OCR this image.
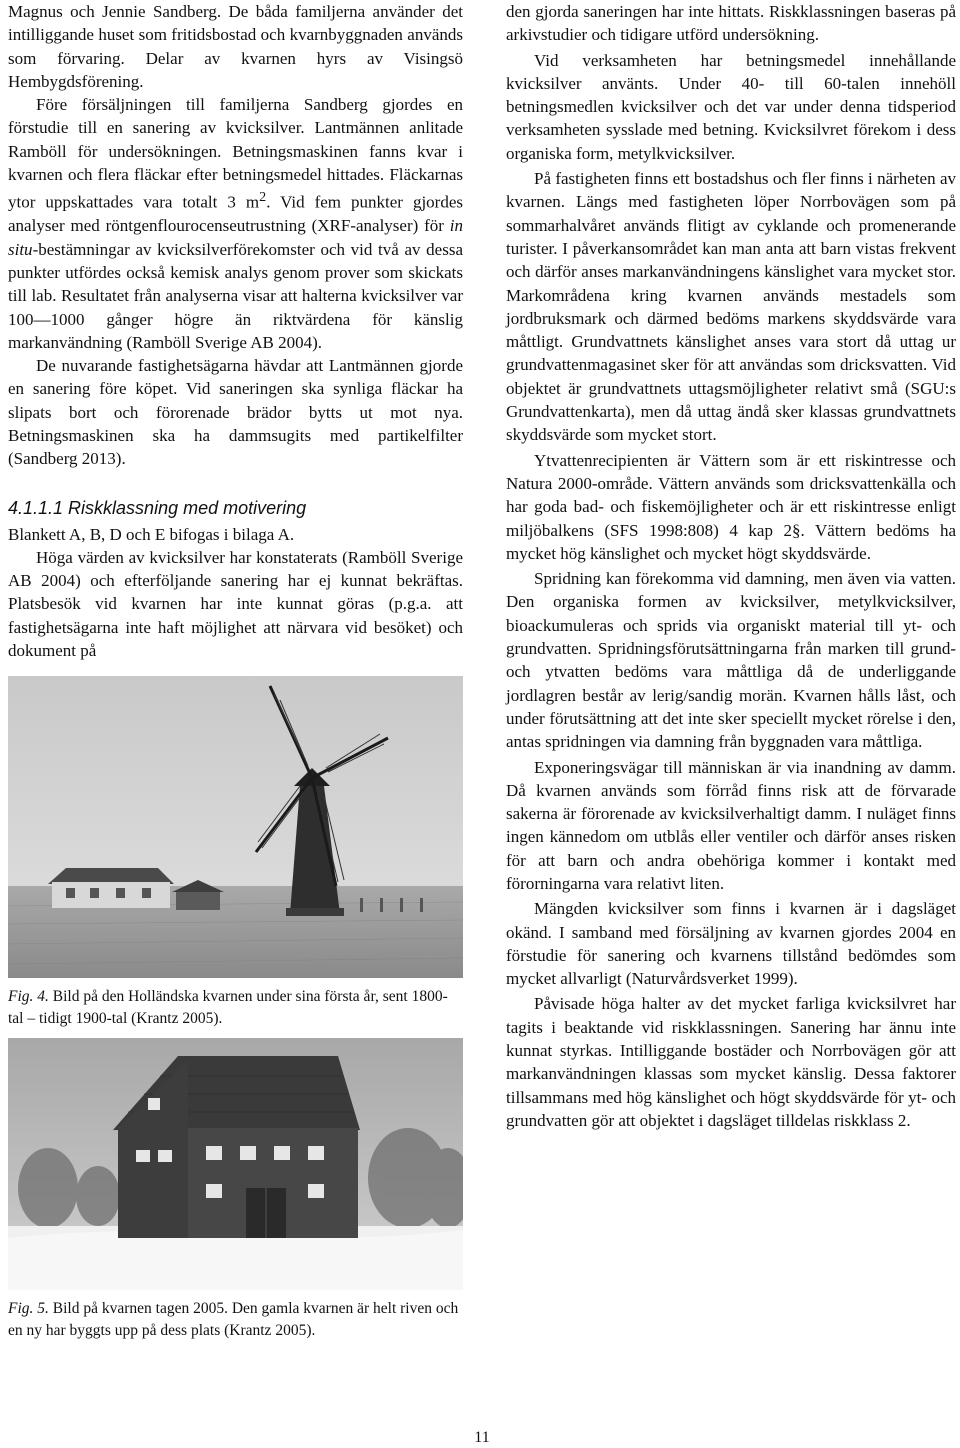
Magnus och Jennie Sandberg. De båda familjerna använder det intilliggande huset som fritidsbostad och kvarnbyggnaden används som förvaring. Delar av kvarnen hyrs av Visingsö Hembygdsförening.

Före försäljningen till familjerna Sandberg gjordes en förstudie till en sanering av kvicksilver. Lantmännen anlitade Ramböll för undersökningen. Betningsmaskinen fanns kvar i kvarnen och flera fläckar efter betningsmedel hittades. Fläckarnas ytor uppskattades vara totalt 3 $m^2$. Vid fem punkter gjordes analyser med röntgenflourocenseutrustning (XRF-analyser) för in situ-bestämningar av kvicksilverförekomster och vid två av dessa punkter utfördes också kemisk analys genom prover som skickats till lab. Resultatet från analyserna visar att halterna kvicksilver var 100—1000 gånger högre än riktvärdena för känslig markanvändning (Ramböll Sverige AB 2004).

De nuvarande fastighetsägarna hävdar att Lantmännen gjorde en sanering före köpet. Vid saneringen ska synliga fläckar ha slipats bort och förorenade brädor bytts ut mot nya. Betningsmaskinen ska ha dammsugits med partikelfilter (Sandberg 2013).

4.1.1.1 Riskklassning med motivering

Blankett A, B, D och E bifogas i bilaga A.

Höga värden av kvicksilver har konstaterats (Ramböll Sverige AB 2004) och efterföljande sanering har ej kunnat bekräftas. Platsbesök vid kvarnen har inte kunnat göras (p.g.a. att fastighetsägarna inte haft möjlighet att närvara vid besöket) och dokument på

Fig. 4. Bild på den Holländska kvarnen under sina första år, sent 1800-tal – tidigt 1900-tal (Krantz 2005).

Fig. 5. Bild på kvarnen tagen 2005. Den gamla kvarnen är helt riven och en ny har byggts upp på dess plats (Krantz 2005).

den gjorda saneringen har inte hittats. Riskklassningen baseras på arkivstudier och tidigare utförd undersökning.

Vid verksamheten har betningsmedel innehållande kvicksilver använts. Under 40- till 60-talen innehöll betningsmedlen kvicksilver och det var under denna tidsperiod verksamheten sysslade med betning. Kvicksilvret förekom i dess organiska form, metylkvicksilver.

På fastigheten finns ett bostadshus och fler finns i närheten av kvarnen. Längs med fastigheten löper Norrbovägen som på sommarhalvåret används flitigt av cyklande och promenerande turister. I påverkansområdet kan man anta att barn vistas frekvent och därför anses markanvändningens känslighet vara mycket stor. Markområdena kring kvarnen används mestadels som jordbruksmark och därmed bedöms markens skyddsvärde vara måttligt. Grundvattnets känslighet anses vara stort då uttag ur grundvattenmagasinet sker för att användas som dricksvatten. Vid objektet är grundvattnets uttagsmöjligheter relativt små (SGU:s Grundvattenkarta), men då uttag ändå sker klassas grundvattnets skyddsvärde som mycket stort.

Ytvattenrecipienten är Vättern som är ett riskintresse och Natura 2000-område. Vättern används som dricksvattenkälla och har goda bad- och fiskemöjligheter och är ett riskintresse enligt miljöbalkens (SFS 1998:808) 4 kap 2§. Vättern bedöms ha mycket hög känslighet och mycket högt skyddsvärde.

Spridning kan förekomma vid damning, men även via vatten. Den organiska formen av kvicksilver, metylkvicksilver, bioackumuleras och sprids via organiskt material till yt- och grundvatten. Spridningsförutsättningarna från marken till grund- och ytvatten bedöms vara måttliga då de underliggande jordlagren består av lerig/sandig morän. Kvarnen hålls låst, och under förutsättning att det inte sker speciellt mycket rörelse i den, antas spridningen via damning från byggnaden vara måttliga.

Exponeringsvägar till människan är via inandning av damm. Då kvarnen används som förråd finns risk att de förvarade sakerna är förorenade av kvicksilverhaltigt damm. I nuläget finns ingen kännedom om utblås eller ventiler och därför anses risken för att barn och andra obehöriga kommer i kontakt med förorningarna vara relativt liten.

Mängden kvicksilver som finns i kvarnen är i dagsläget okänd. I samband med försäljning av kvarnen gjordes 2004 en förstudie för sanering och kvarnens tillstånd bedömdes som mycket allvarligt (Naturvårdsverket 1999).

Påvisade höga halter av det mycket farliga kvicksilvret har tagits i beaktande vid riskklassningen. Sanering har ännu inte kunnat styrkas. Intilliggande bostäder och Norrbovägen gör att markanvändningen klassas som mycket känslig. Dessa faktorer tillsammans med hög känslighet och högt skyddsvärde för yt- och grundvatten gör att objektet i dagsläget tilldelas riskklass 2.

11
